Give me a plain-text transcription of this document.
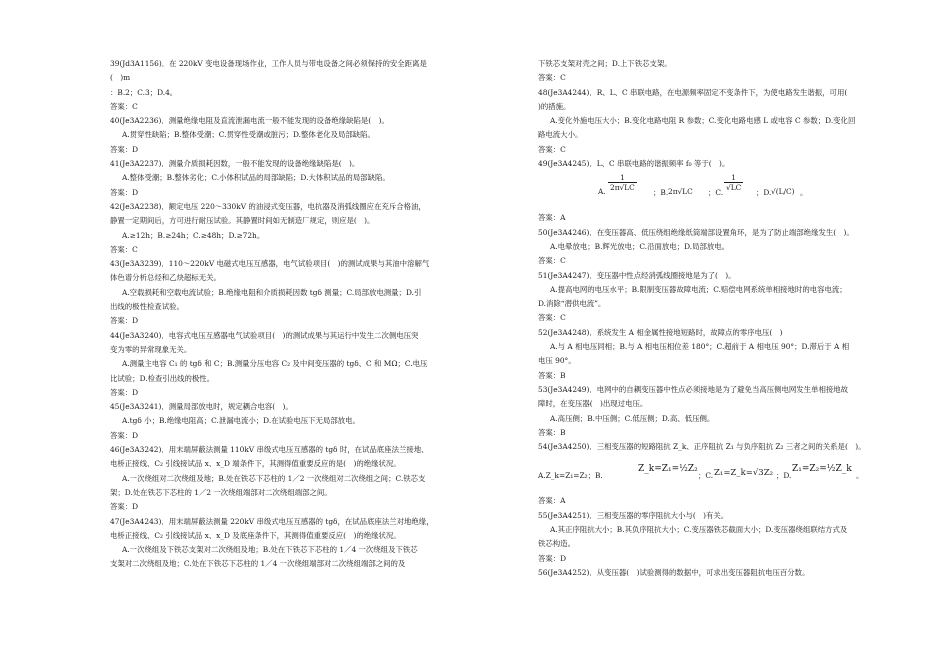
39(Jd3A1156)．在 220kV 变电设备现场作业，工作人员与带电设备之间必须保持的安全距离是

(　)m

：B.2；C.3；D.4。

答案：C

40(Je3A2236)．测量绝缘电阻及直流泄漏电流一般不能发现的设备绝缘缺陷是(　)。

A.贯穿性缺陷；B.整体受潮；C.贯穿性受潮或脏污；D.整体老化及局部缺陷。

答案：D

41(Je3A2237)．测量介质损耗因数，一般不能发现的设备绝缘缺陷是(　)。

A.整体受潮；B.整体劣化；C.小体积试品的局部缺陷；D.大体积试品的局部缺陷。

答案：D

42(Je3A2238)．额定电压 220～330kV 的油浸式变压器，电抗器及消弧线圈应在充斥合格油，

静置一定期间后，方可进行耐压试验。其静置时间如无制造厂规定，则应是(　)。

A.≥12h；B.≥24h；C.≥48h；D.≥72h。

答案：C

43(Je3A3239)．110～220kV 电磁式电压互感器，电气试验项目(　)的测试成果与其油中溶解气

体色谱分析总烃和乙炔超标无关。

A.空载损耗和空载电流试验；B.绝缘电阻和介质损耗因数 tgδ 测量；C.局部放电测量；D.引

出线的极性检查试验。

答案：D

44(Je3A3240)．电容式电压互感器电气试验项目(　)的测试成果与其运行中发生二次侧电压突

变为零的异常现象无关。

A.测量主电容 C₁ 的 tgδ 和 C；B.测量分压电容 C₂ 及中间变压器的 tgδ、C 和 MΩ；C.电压

比试验；D.检查引出线的极性。

答案：D

45(Je3A3241)．测量局部放电时，规定耦合电容(　)。

A.tgδ 小；B.绝缘电阻高；C.泄漏电流小；D.在试验电压下无局部放电。

答案：D

46(Je3A3242)．用末端屏蔽法测量 110kV 串级式电压互感器的 tgδ 时，在试品底座法兰接地、

电桥正接线、C₂ 引线接试品 x、x_D 端条件下，其测得值重要反应的是(　)的绝缘状况。

A.一次绕组对二次绕组及地；B.处在铁芯下芯柱的 1／2 一次绕组对二次绕组之间；C.铁芯支

架；D.处在铁芯下芯柱的 1／2 一次绕组端部对二次绕组端部之间。

答案：D

47(Je3A4243)．用末端屏蔽法测量 220kV 串级式电压互感器的 tgδ，在试品底座法兰对地绝缘，

电桥正接线、C₂ 引线接试品 x、x_D 及底座条件下，其测得值重要反应(　)的绝缘状况。

A.一次绕组及下铁芯支架对二次绕组及地；B.处在下铁芯下芯柱的 1／4 一次绕组及下铁芯

支架对二次绕组及地；C.处在下铁芯下芯柱的 1／4 一次绕组端部对二次绕组端部之间的及

下铁芯支架对壳之间；D.上下铁芯支架。

答案：C

48(Je3A4244)．R、L、C 串联电路，在电源频率固定不变条件下，为使电路发生谐振，可用(

)的措施。

A.变化外施电压大小；B.变化电路电阻 R 参数；C.变化电路电感 L 或电容 C 参数；D.变化回

路电流大小。

答案：C

49(Je3A4245)．L、C 串联电路的谐振频率 f₀ 等于(　)。

A. $\frac{1}{2\pi√LC}$
；B. 2π√LC ；C.
$\frac{1}{√LC}$
；D. √(L/C) 。

答案：A

50(Je3A4246)．在变压器高、低压绕组绝缘纸筒端部设置角环，是为了防止端部绝缘发生(　)。

A.电晕放电；B.辉光放电；C.沿面放电；D.局部放电。

答案：C

51(Je3A4247)．变压器中性点经消弧线圈接地是为了(　)。

A.提高电网的电压水平；B.限制变压器故障电流；C.赔偿电网系统单相接地时的电容电流；

D.消除“潜供电流”。

答案：C

52(Je3A4248)．系统发生 A 相金属性接地短路时，故障点的零序电压(　)

A.与 A 相电压同相；B.与 A 相电压相位差 180°；C.超前于 A 相电压 90°；D.滞后于 A 相

电压 90°。

答案：B

53(Je3A4249)．电网中的自耦变压器中性点必须接地是为了避免当高压侧电网发生单相接地故

障时，在变压器(　)出现过电压。

A.高压侧；B.中压侧；C.低压侧；D.高、低压侧。

答案：B

54(Je3A4250)．三相变压器的短路阻抗 Z_k、正序阻抗 Z₁ 与负序阻抗 Z₂ 三者之间的关系是(　)。

A.Z_k=Z₁=Z₂；B.
Z_k=Z₁=½Z₂
；C. Z₁=Z_k=√3Z₂ ；D.
Z₁=Z₂=½Z_k
。

答案：A

55(Je3A4251)．三相变压器的零序阻抗大小与(　)有关。

A.其正序阻抗大小；B.其负序阻抗大小；C.变压器铁芯截面大小；D.变压器绕组联结方式及

铁芯构造。

答案：D

56(Je3A4252)．从变压器(　)试验测得的数据中，可求出变压器阻抗电压百分数。
